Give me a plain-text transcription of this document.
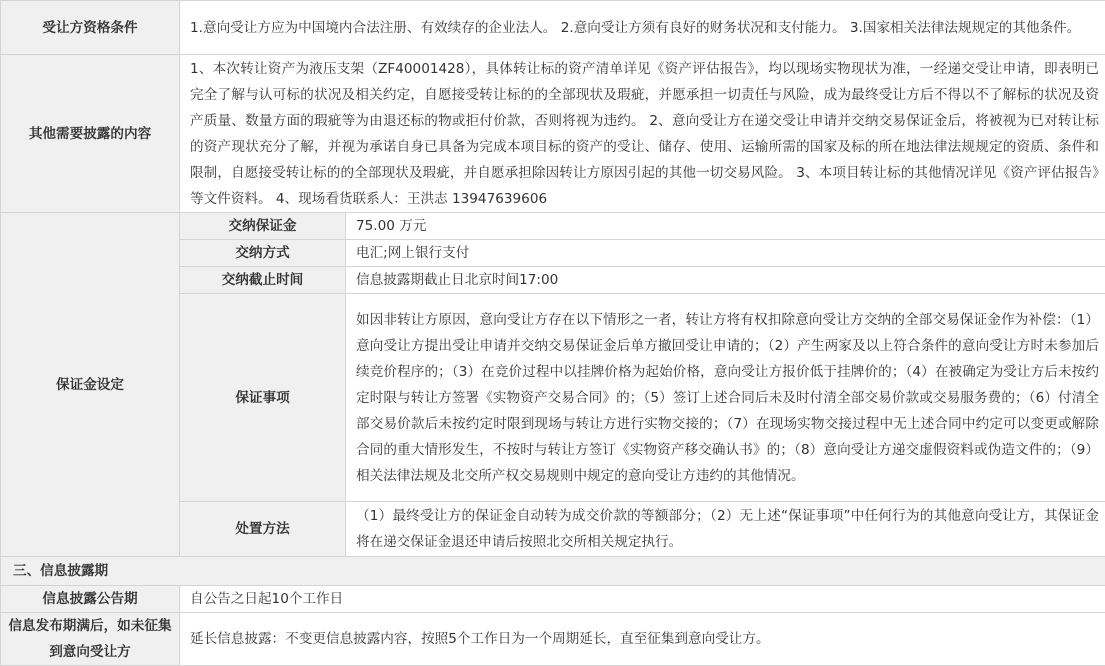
受让方资格条件	1.意向受让方应为中国境内合法注册、有效续存的企业法人。 2.意向受让方须有良好的财务状况和支付能力。 3.国家相关法律法规规定的其他条件。	
其他需要披露的内容	1、本次转让资产为液压支架（ZF40001428），具体转让标的资产清单详见《资产评估报告》，均以现场实物现状为准，一经递交受让申请，即表明已完全了解与认可标的状况及相关约定，自愿接受转让标的的全部现状及瑕疵，并愿承担一切责任与风险，成为最终受让方后不得以不了解标的状况及资产质量、数量方面的瑕疵等为由退还标的物或拒付价款，否则将视为违约。 2、意向受让方在递交受让申请并交纳交易保证金后，将被视为已对转让标的资产现状充分了解，并视为承诺自身已具备为完成本项目标的资产的受让、储存、使用、运输所需的国家及标的所在地法律法规规定的资质、条件和限制，自愿接受转让标的的全部现状及瑕疵，并自愿承担除因转让方原因引起的其他一切交易风险。 3、本项目转让标的其他情况详见《资产评估报告》等文件资料。 4、现场看货联系人：王洪志 13947639606	
保证金设定	交纳保证金	75.00 万元
	交纳方式	电汇;网上银行支付
	交纳截止时间	信息披露期截止日北京时间17:00
	保证事项	如因非转让方原因，意向受让方存在以下情形之一者，转让方将有权扣除意向受让方交纳的全部交易保证金作为补偿：（1）意向受让方提出受让申请并交纳交易保证金后单方撤回受让申请的；（2）产生两家及以上符合条件的意向受让方时未参加后续竞价程序的；（3）在竞价过程中以挂牌价格为起始价格，意向受让方报价低于挂牌价的；（4）在被确定为受让方后未按约定时限与转让方签署《实物资产交易合同》的；（5）签订上述合同后未及时付清全部交易价款或交易服务费的；（6）付清全部交易价款后未按约定时限到现场与转让方进行实物交接的；（7）在现场实物交接过程中无上述合同中约定可以变更或解除合同的重大情形发生，不按时与转让方签订《实物资产移交确认书》的；（8）意向受让方递交虚假资料或伪造文件的；（9）相关法律法规及北交所产权交易规则中规定的意向受让方违约的其他情况。
	处置方法	（1）最终受让方的保证金自动转为成交价款的等额部分；（2）无上述“保证事项”中任何行为的其他意向受让方，其保证金将在递交保证金退还申请后按照北交所相关规定执行。
三、信息披露期		
信息披露公告期	自公告之日起10个工作日	
信息发布期满后，如未征集到意向受让方	延长信息披露：不变更信息披露内容，按照5个工作日为一个周期延长，直至征集到意向受让方。	
